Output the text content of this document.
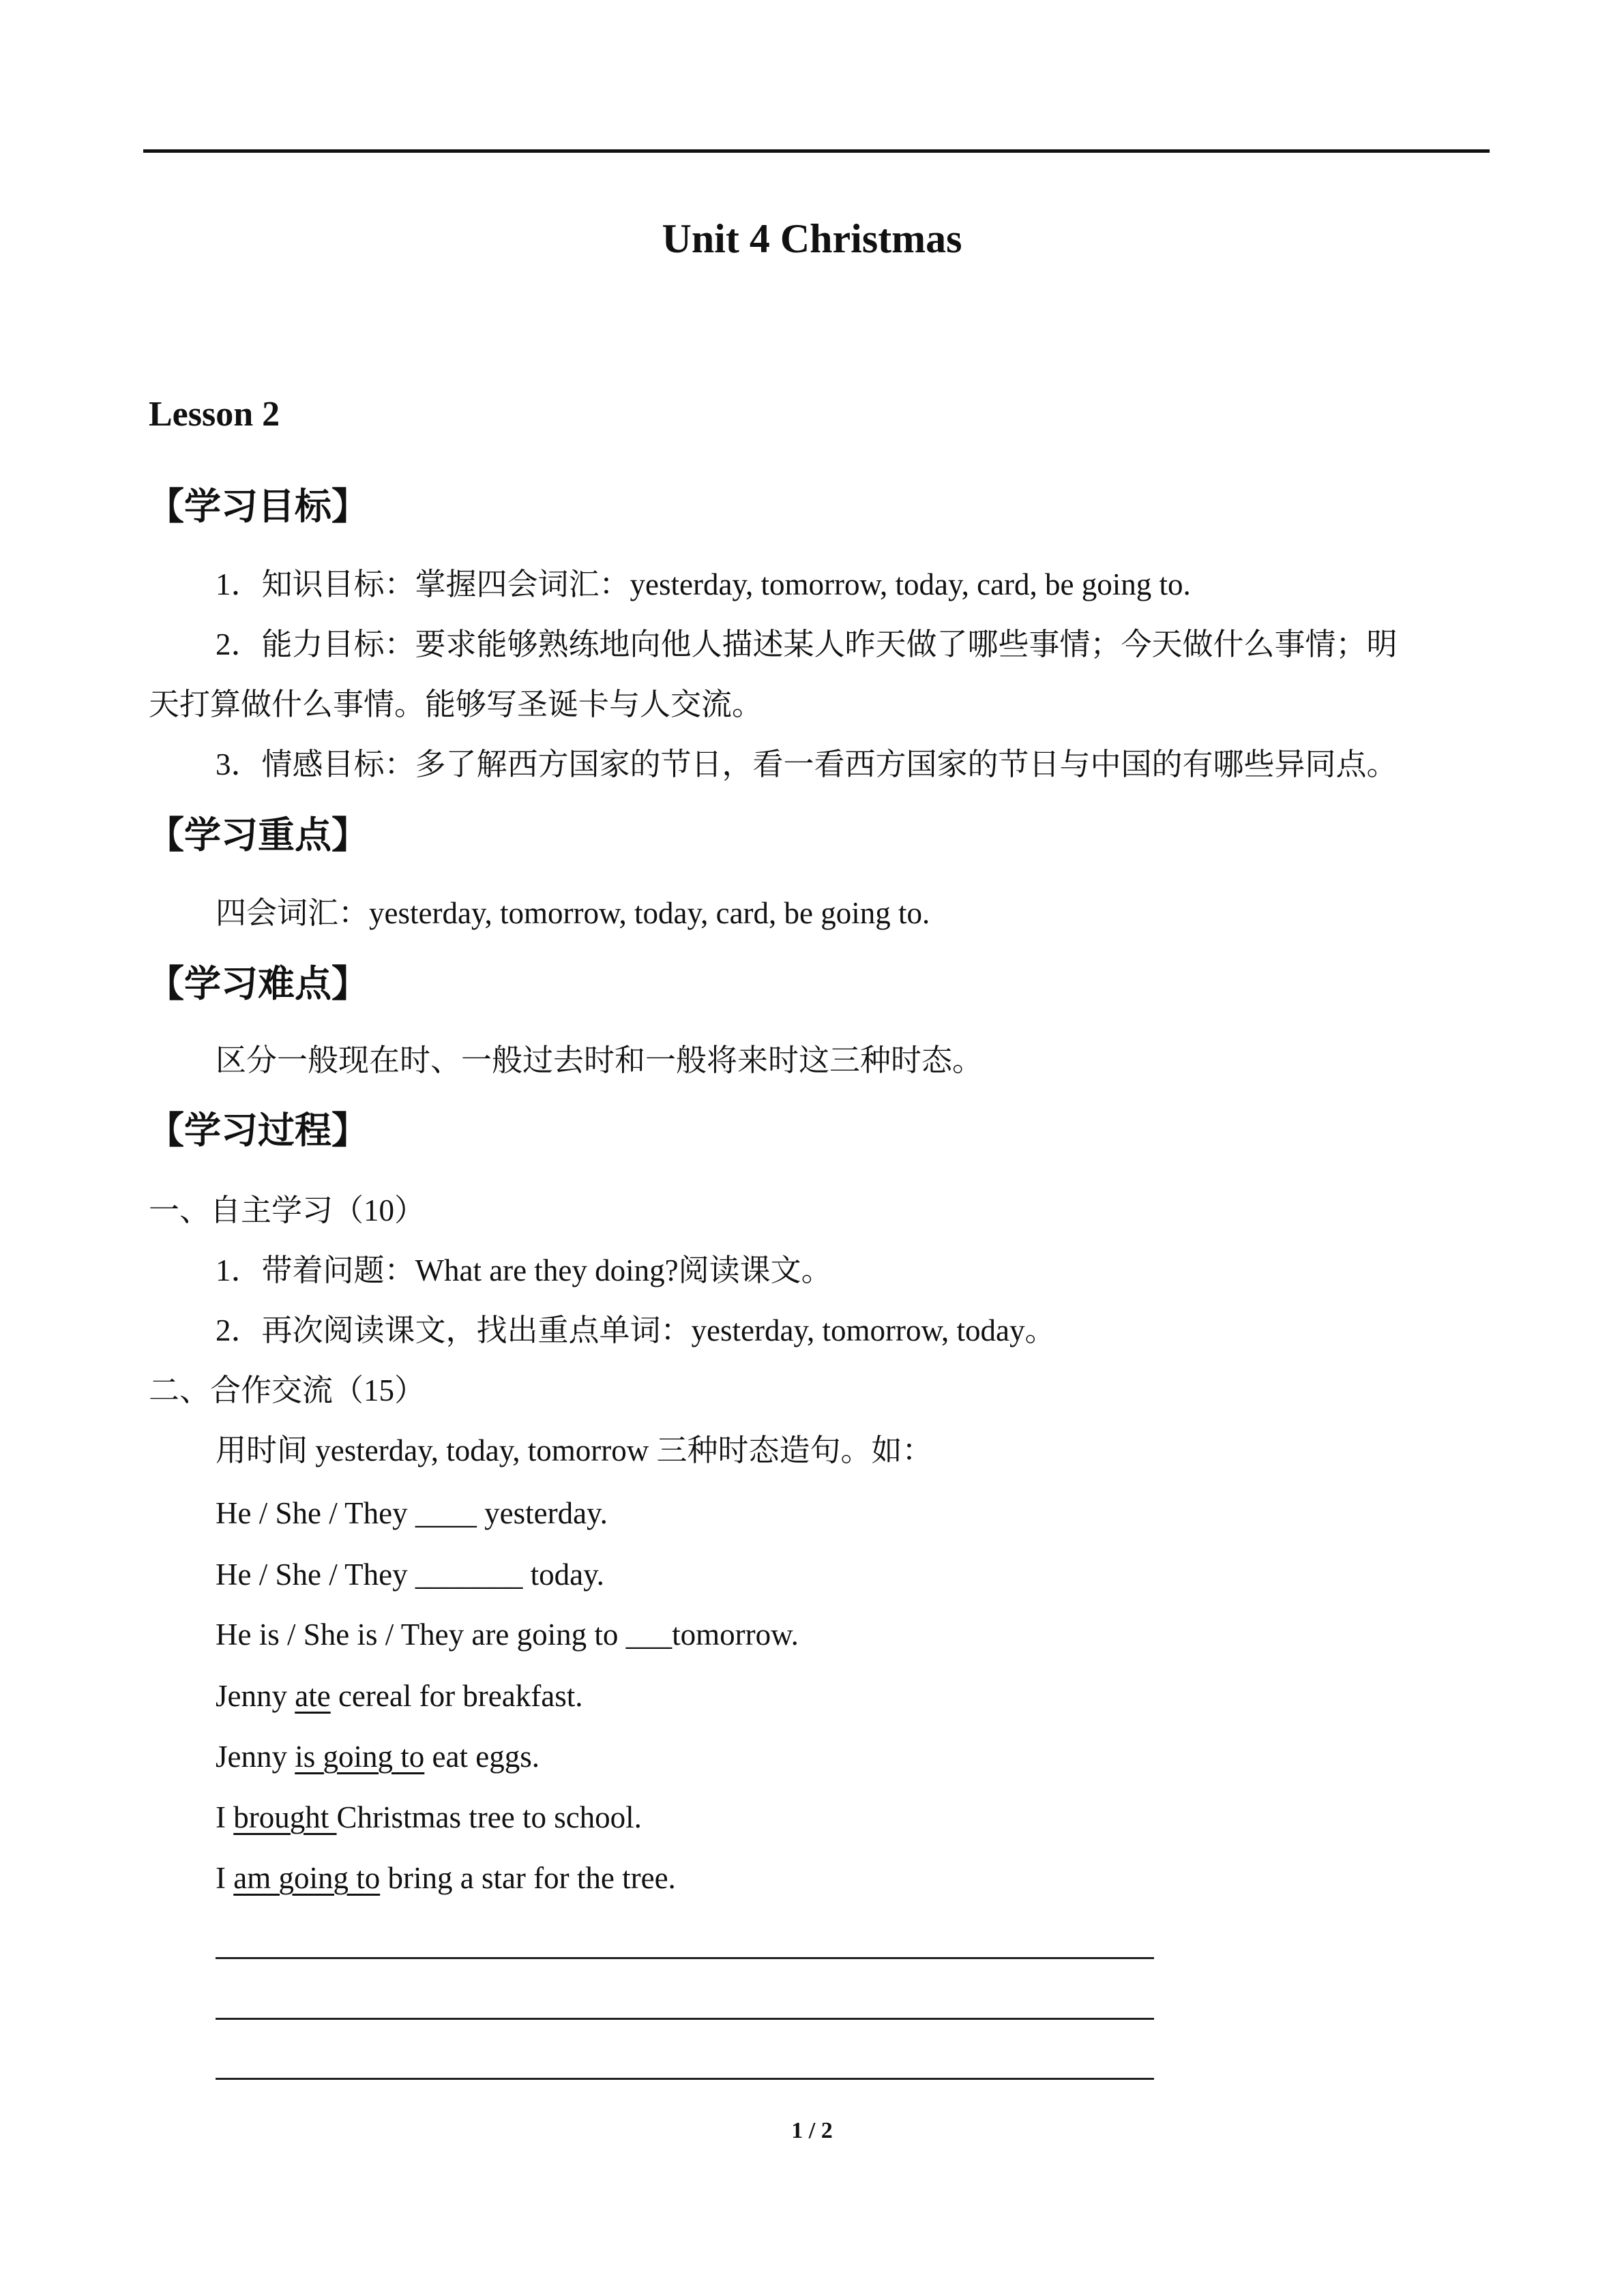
Unit 4 Christmas
Lesson 2
【学习目标】
1．知识目标：掌握四会词汇：yesterday, tomorrow, today, card, be going to.
2．能力目标：要求能够熟练地向他人描述某人昨天做了哪些事情；今天做什么事情；明
天打算做什么事情。能够写圣诞卡与人交流。
3．情感目标：多了解西方国家的节日，看一看西方国家的节日与中国的有哪些异同点。
【学习重点】
四会词汇：yesterday, tomorrow, today, card, be going to.
【学习难点】
区分一般现在时、一般过去时和一般将来时这三种时态。
【学习过程】
一、自主学习（10）
1．带着问题：What are they doing?阅读课文。
2．再次阅读课文，找出重点单词：yesterday, tomorrow, today。
二、合作交流（15）
用时间 yesterday, today, tomorrow 三种时态造句。如：
He / She / They ____ yesterday.
He / She / They _______ today.
He is / She is / They are going to ___tomorrow.
Jenny ate cereal for breakfast.
Jenny is going to eat eggs.
I brought Christmas tree to school.
I am going to bring a star for the tree.
1 / 2
